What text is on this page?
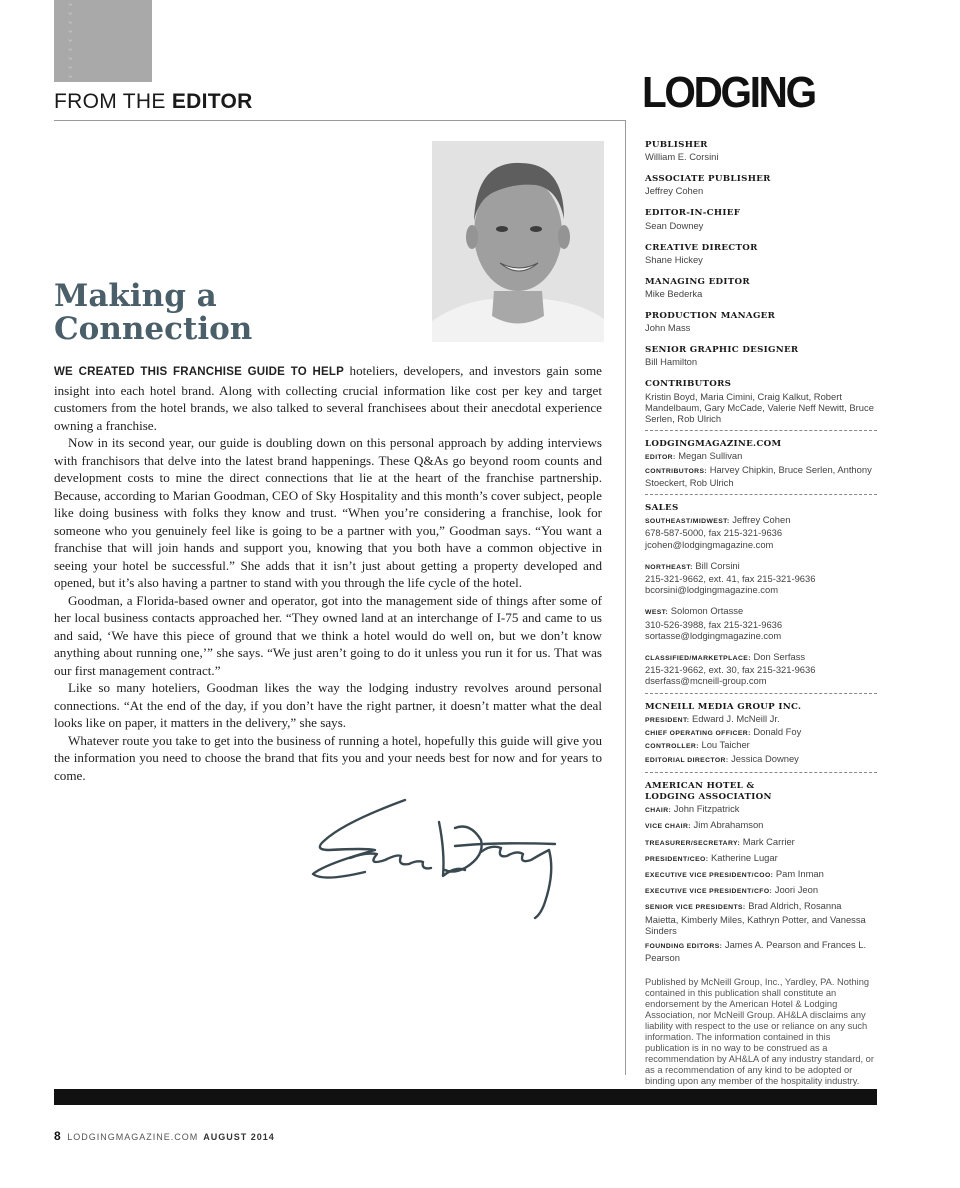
›
›
›
›
›
›
›
›
›
FROM THE EDITOR	LODGING
Making a
Connection

WE CREATED THIS FRANCHISE GUIDE TO HELP hoteliers, developers, and investors gain some insight into each hotel brand. Along with collecting crucial information like cost per key and target customers from the hotel brands, we also talked to several franchisees about their anecdotal experience owning a franchise.

Now in its second year, our guide is doubling down on this personal approach by adding interviews with franchisors that delve into the latest brand happenings. These Q&As go beyond room counts and development costs to mine the direct connections that lie at the heart of the franchise partnership. Because, according to Marian Goodman, CEO of Sky Hospitality and this month’s cover subject, people like doing business with folks they know and trust. “When you’re considering a franchise, look for someone who you genuinely feel like is going to be a partner with you,” Goodman says. “You want a franchise that will join hands and support you, knowing that you both have a common objective in seeing your hotel be successful.” She adds that it isn’t just about getting a property developed and opened, but it’s also having a partner to stand with you through the life cycle of the hotel.

Goodman, a Florida-based owner and operator, got into the management side of things after some of her local business contacts approached her. “They owned land at an interchange of I-75 and came to us and said, ‘We have this piece of ground that we think a hotel would do well on, but we don’t know anything about running one,’” she says. “We just aren’t going to do it unless you run it for us. That was our first management contract.”

Like so many hoteliers, Goodman likes the way the lodging industry revolves around personal connections. “At the end of the day, if you don’t have the right partner, it doesn’t matter what the deal looks like on paper, it matters in the delivery,” she says.

Whatever route you take to get into the business of running a hotel, hopefully this guide will give you the information you need to choose the brand that fits you and your needs best for now and for years to come.

PUBLISHER
William E. Corsini
ASSOCIATE PUBLISHER
Jeffrey Cohen
EDITOR-IN-CHIEF
Sean Downey
CREATIVE DIRECTOR
Shane Hickey
MANAGING EDITOR
Mike Bederka
PRODUCTION MANAGER
John Mass
SENIOR GRAPHIC DESIGNER
Bill Hamilton
CONTRIBUTORS
Kristin Boyd, Maria Cimini, Craig Kalkut, Robert Mandelbaum, Gary McCade, Valerie Neff Newitt, Bruce Serlen, Rob Ulrich
LODGINGMAGAZINE.COM
EDITOR: Megan Sullivan
CONTRIBUTORS: Harvey Chipkin, Bruce Serlen, Anthony Stoeckert, Rob Ulrich
SALES
SOUTHEAST/MIDWEST: Jeffrey Cohen
678-587-5000, fax 215-321-9636
jcohen@lodgingmagazine.com
NORTHEAST: Bill Corsini
215-321-9662, ext. 41, fax 215-321-9636
bcorsini@lodgingmagazine.com
WEST: Solomon Ortasse
310-526-3988, fax 215-321-9636
sortasse@lodgingmagazine.com
CLASSIFIED/MARKETPLACE: Don Serfass
215-321-9662, ext. 30, fax 215-321-9636
dserfass@mcneill-group.com
MCNEILL MEDIA GROUP INC.
PRESIDENT: Edward J. McNeill Jr.
CHIEF OPERATING OFFICER: Donald Foy
CONTROLLER: Lou Taicher
EDITORIAL DIRECTOR: Jessica Downey
AMERICAN HOTEL & LODGING ASSOCIATION
CHAIR: John Fitzpatrick
VICE CHAIR: Jim Abrahamson
TREASURER/SECRETARY: Mark Carrier
PRESIDENT/CEO: Katherine Lugar
EXECUTIVE VICE PRESIDENT/COO: Pam Inman
EXECUTIVE VICE PRESIDENT/CFO: Joori Jeon
SENIOR VICE PRESIDENTS: Brad Aldrich, Rosanna Maietta, Kimberly Miles, Kathryn Potter, and Vanessa Sinders
FOUNDING EDITORS: James A. Pearson and Frances L. Pearson
Published by McNeill Group, Inc., Yardley, PA. Nothing contained in this publication shall constitute an endorsement by the American Hotel & Lodging Association, nor McNeill Group. AH&LA disclaims any liability with respect to the use or reliance on any such information. The information contained in this publication is in no way to be construed as a recommendation by AH&LA of any industry standard, or as a recommendation of any kind to be adopted or binding upon any member of the hospitality industry.
8 LODGINGMAGAZINE.COM AUGUST 2014
